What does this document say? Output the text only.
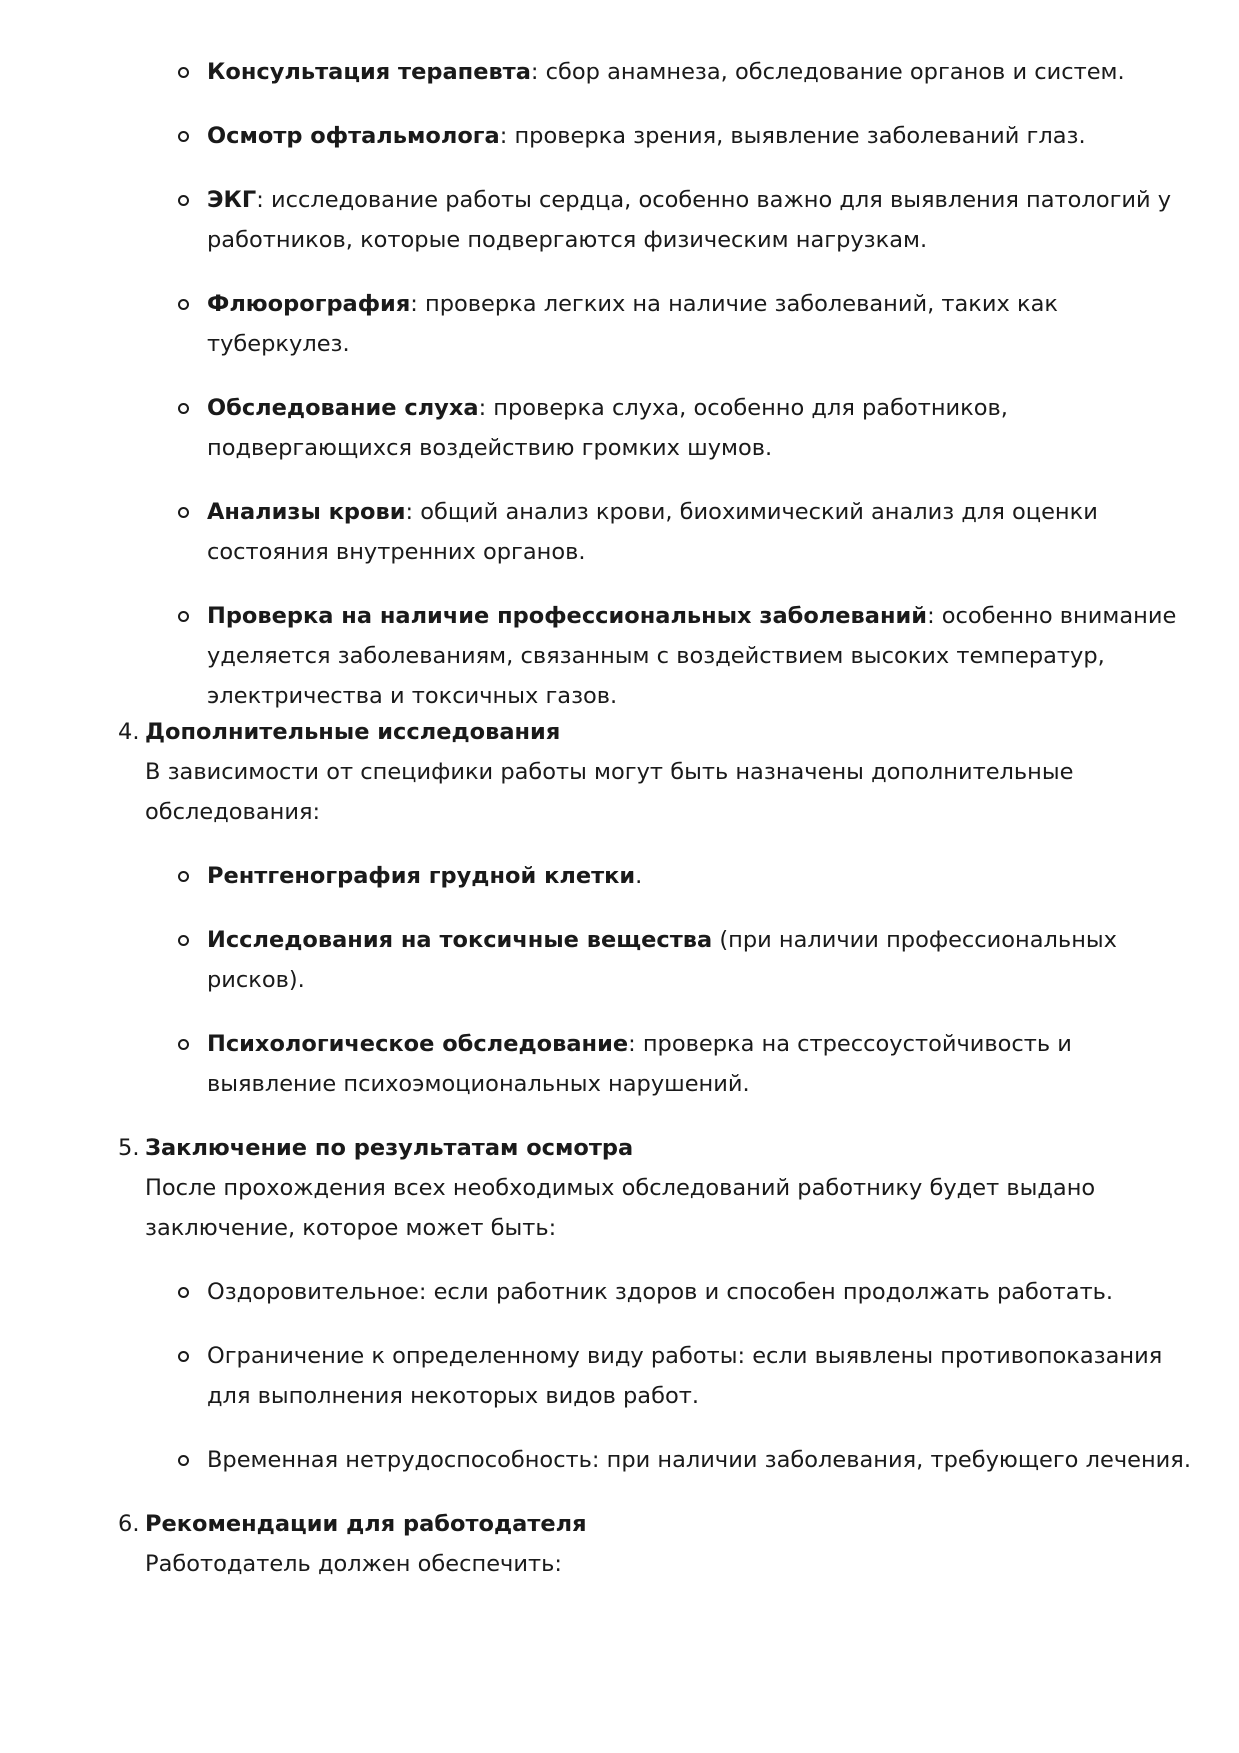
Консультация терапевта: сбор анамнеза, обследование органов и систем.
Осмотр офтальмолога: проверка зрения, выявление заболеваний глаз.
ЭКГ: исследование работы сердца, особенно важно для выявления патологий у работников, которые подвергаются физическим нагрузкам.
Флюорография: проверка легких на наличие заболеваний, таких как туберкулез.
Обследование слуха: проверка слуха, особенно для работников, подвергающихся воздействию громких шумов.
Анализы крови: общий анализ крови, биохимический анализ для оценки состояния внутренних органов.
Проверка на наличие профессиональных заболеваний: особенно внимание уделяется заболеваниям, связанным с воздействием высоких температур, электричества и токсичных газов.
4. Дополнительные исследования
В зависимости от специфики работы могут быть назначены дополнительные обследования:
Рентгенография грудной клетки.
Исследования на токсичные вещества (при наличии профессиональных рисков).
Психологическое обследование: проверка на стрессоустойчивость и выявление психоэмоциональных нарушений.
5. Заключение по результатам осмотра
После прохождения всех необходимых обследований работнику будет выдано заключение, которое может быть:
Оздоровительное: если работник здоров и способен продолжать работать.
Ограничение к определенному виду работы: если выявлены противопоказания для выполнения некоторых видов работ.
Временная нетрудоспособность: при наличии заболевания, требующего лечения.
6. Рекомендации для работодателя
Работодатель должен обеспечить:
